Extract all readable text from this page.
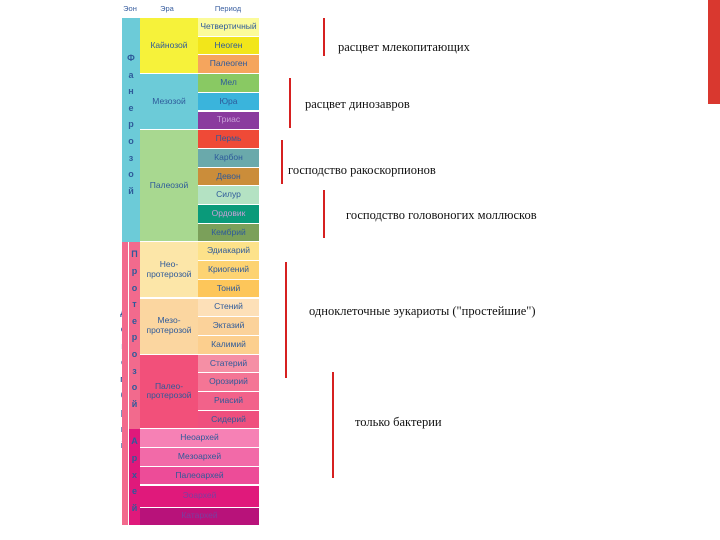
Эон	Эра	Период
Четвертичный
Неоген
Палеоген
Мел
Юра
Триас
Пермь
Карбон
Девон
Силур
Ордовик
Кембрий
Эдиакарий
Криогений
Тоний
Стений
Эктазий
Калимий
Статерий
Орозирий
Риасий
Сидерий
Неоархей
Мезоархей
Палеоархей
Эоархей
Катархей
Кайнозой
Мезозой
Палеозой
Нео-
протерозой
Мезо-
протерозой
Палео-
протерозой
Ф
а
н
е
р
о
з
о
й
П
р
о
т
е
р
о
з
о
й
А
р
х
е
й
расцвет млекопитающих
расцвет динозавров
господство ракоскорпионов
господство головоногих моллюсков
одноклеточные эукариоты ("простейшие")
только бактерии
